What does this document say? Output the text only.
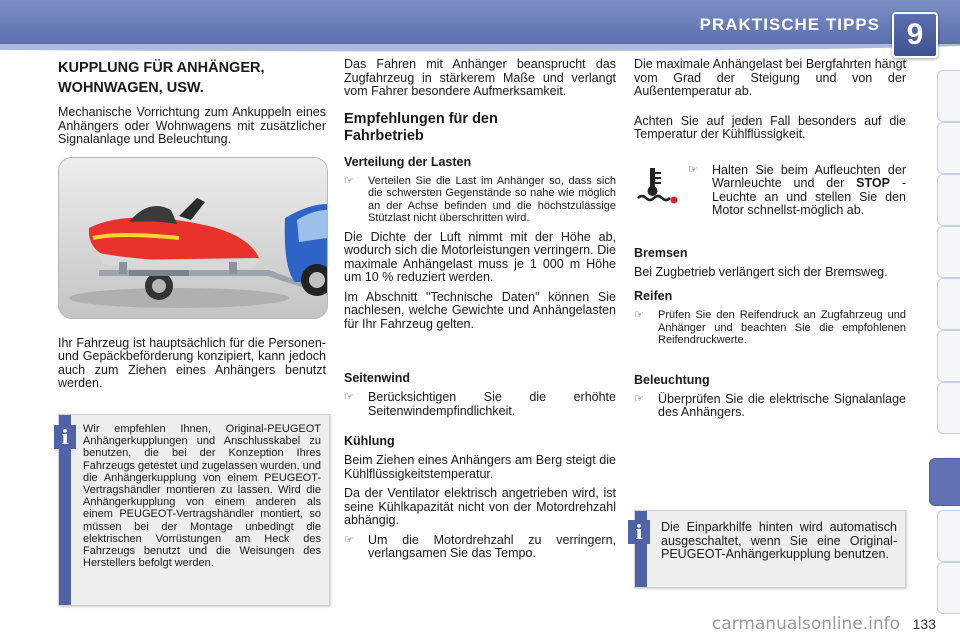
PRAKTISCHE TIPPS 9
KUPPLUNG FÜR ANHÄNGER,
WOHNWAGEN, USW.

Mechanische Vorrichtung zum Ankuppeln eines Anhängers oder Wohnwagens mit zusätzlicher Signalanlage und Beleuchtung.

Ihr Fahrzeug ist hauptsächlich für die Personen- und Gepäckbeförderung konzipiert, kann jedoch auch zum Ziehen eines Anhängers benutzt werden.

Wir empfehlen Ihnen, Original-PEUGEOT Anhängerkupplungen und Anschlusskabel zu benutzen, die bei der Konzeption Ihres Fahrzeugs getestet und zugelassen wurden, und die Anhängerkupplung von einem PEUGEOT-Vertragshändler montieren zu lassen. Wird die Anhängerkupplung von einem anderen als einem PEUGEOT-Vertragshändler montiert, so müssen bei der Montage unbedingt die elektrischen Vorrüstungen am Heck des Fahrzeugs benutzt und die Weisungen des Herstellers befolgt werden.
i

Das Fahren mit Anhänger beansprucht das Zugfahrzeug in stärkerem Maße und verlangt vom Fahrer besondere Aufmerksamkeit.

Empfehlungen für den
Fahrbetrieb
Verteilung der Lasten
☞	Verteilen Sie die Last im Anhänger so, dass sich die schwersten Gegenstände so nahe wie möglich an der Achse befinden und die höchstzulässige Stützlast nicht überschritten wird.

Die Dichte der Luft nimmt mit der Höhe ab, wodurch sich die Motorleistungen verringern. Die maximale Anhängelast muss je 1 000 m Höhe um 10 % reduziert werden.

Im Abschnitt "Technische Daten" können Sie nachlesen, welche Gewichte und Anhängelasten für Ihr Fahrzeug gelten.

Seitenwind
☞	Berücksichtigen Sie die erhöhte Seitenwindempfindlichkeit.

Kühlung

Beim Ziehen eines Anhängers am Berg steigt die Kühlflüssigkeitstemperatur.

Da der Ventilator elektrisch angetrieben wird, ist seine Kühlkapazität nicht von der Motordrehzahl abhängig.

☞	Um die Motordrehzahl zu verringern, verlangsamen Sie das Tempo.

Die maximale Anhängelast bei Bergfahrten hängt vom Grad der Steigung und von der Außentemperatur ab.

Achten Sie auf jeden Fall besonders auf die Temperatur der Kühlflüssigkeit.

☞	Halten Sie beim Aufleuchten der Warnleuchte und der STOP -Leuchte an und stellen Sie den Motor schnellst-möglich ab.

Bremsen

Bei Zugbetrieb verlängert sich der Bremsweg.

Reifen
☞	Prüfen Sie den Reifendruck an Zugfahrzeug und Anhänger und beachten Sie die empfohlenen Reifendruckwerte.

Beleuchtung
☞	Überprüfen Sie die elektrische Signalanlage des Anhängers.

Die Einparkhilfe hinten wird automatisch ausgeschaltet, wenn Sie eine Original-PEUGEOT-Anhängerkupplung benutzen.
i
133
carmanualsonline.info
